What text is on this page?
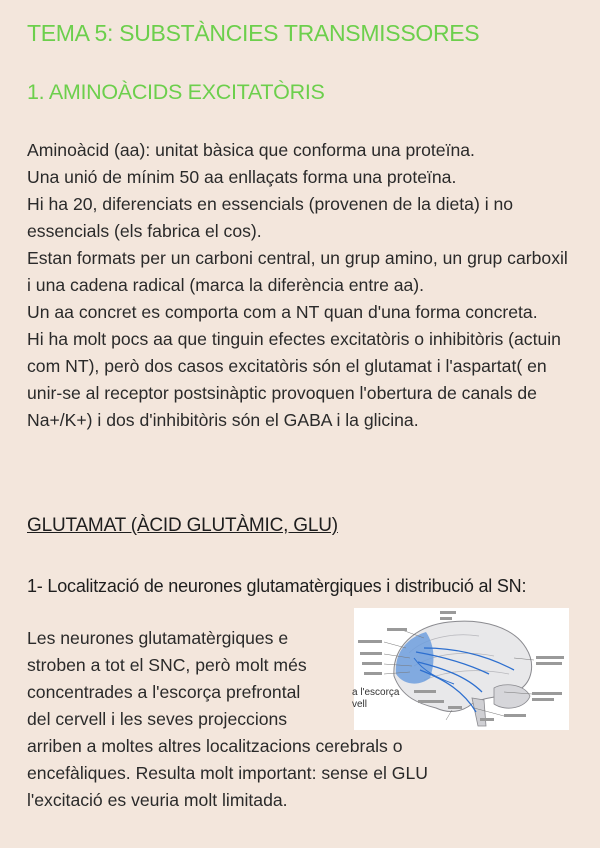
TEMA 5: SUBSTÀNCIES TRANSMISSORES
1. AMINOÀCIDS EXCITATÒRIS

Aminoàcid (aa): unitat bàsica que conforma una proteïna.

Una unió de mínim 50 aa enllaçats forma una proteïna.

Hi ha 20, diferenciats en essencials (provenen de la dieta) i no essencials (els fabrica el cos).

Estan formats per un carboni central, un grup amino, un grup carboxil i una cadena radical (marca la diferència entre aa).

Un aa concret es comporta com a NT quan d'una forma concreta.

Hi ha molt pocs aa que tinguin efectes excitatòris o inhibitòris (actuin com NT), però dos casos excitatòris són el glutamat i l'aspartat( en unir-se al receptor postsinàptic provoquen l'obertura de canals de Na+/K+) i dos d'inhibitòris són el GABA i la glicina.

GLUTAMAT (ÀCID GLUTÀMIC, GLU)
1- Localització de neurones glutamatèrgiques i distribució al SN:
Les neurones glutamatèrgiques e
stroben a tot el SNC, però molt més
concentrades a l'escorça prefrontal
del cervell i les seves projeccions
arriben a moltes altres localitzacions cerebrals o
encefàliques. Resulta molt important: sense el GLU
l'excitació es veuria molt limitada.
a l'escorça
vell
